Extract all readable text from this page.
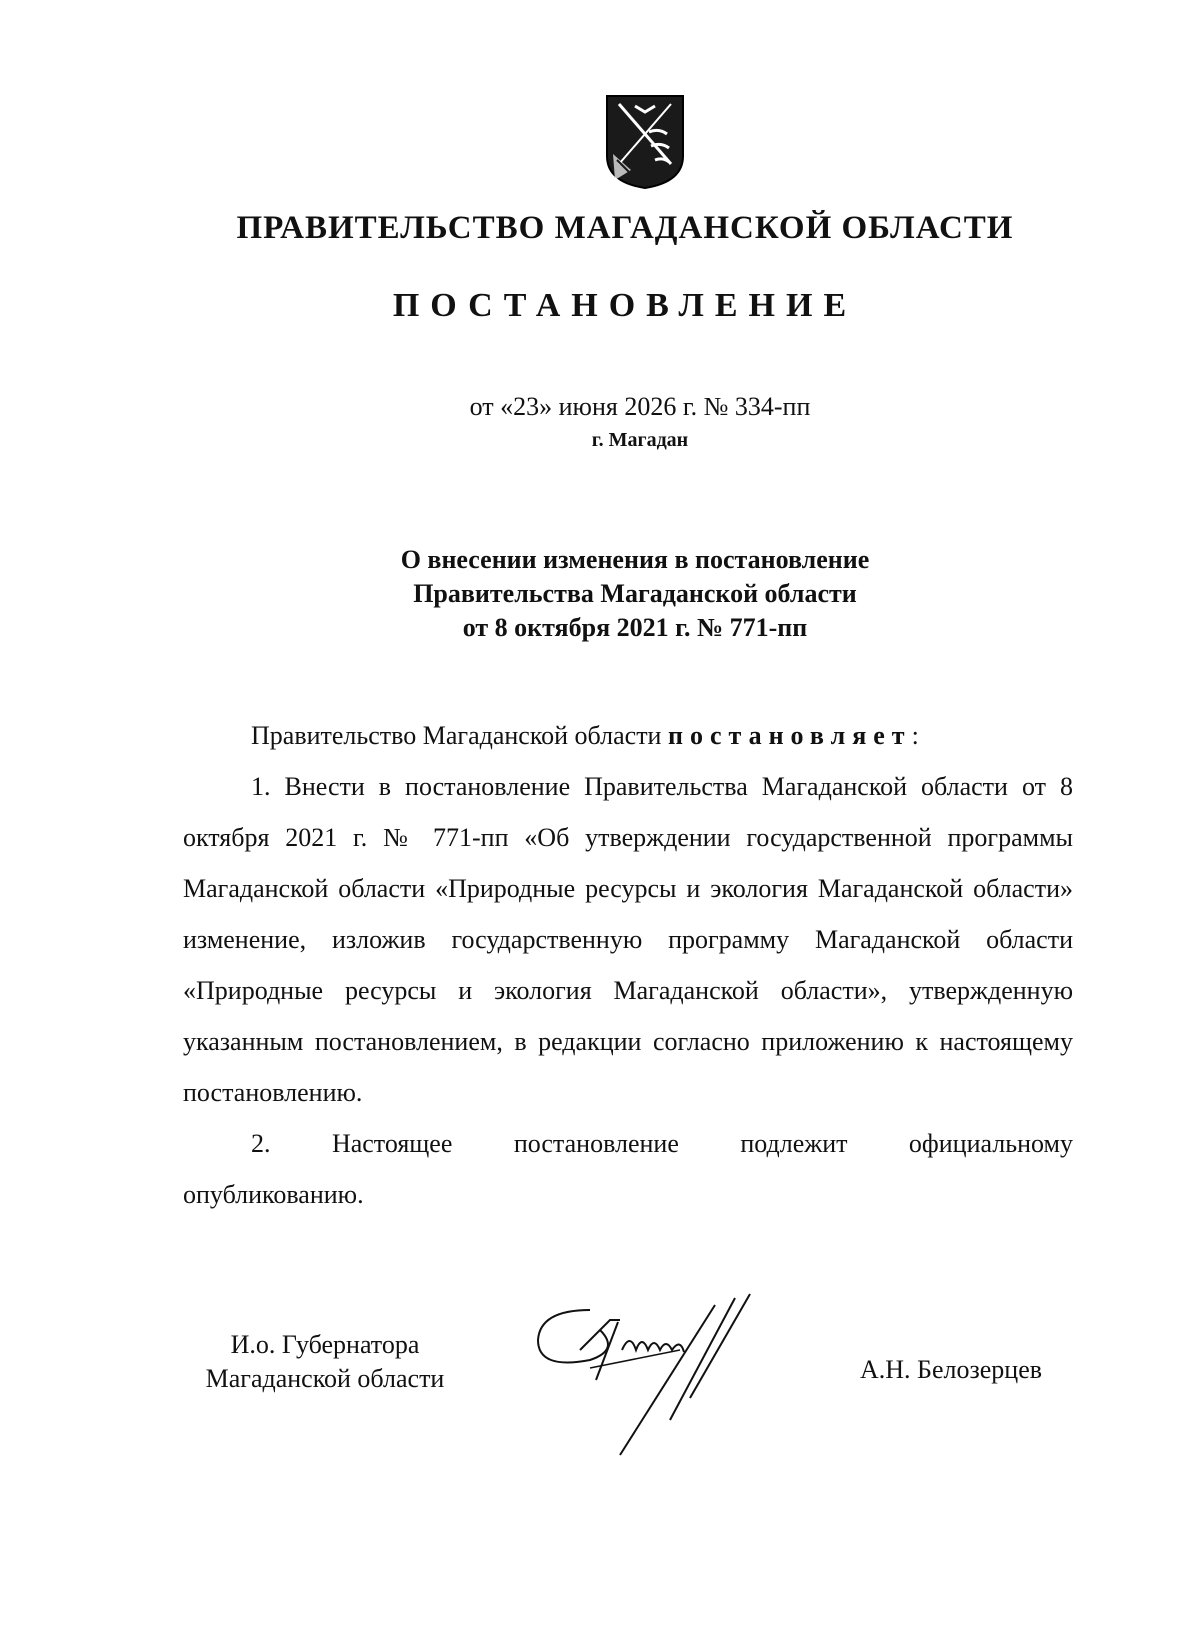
ПРАВИТЕЛЬСТВО МАГАДАНСКОЙ ОБЛАСТИ
ПОСТАНОВЛЕНИЕ
от «23» июня 2026 г. № 334-пп
г. Магадан
О внесении изменения в постановление
Правительства Магаданской области
от 8 октября 2021 г. № 771-пп
Правительство Магаданской области постановляет:
1. Внести в постановление Правительства Магаданской области от 8 октября 2021 г. № 771-пп «Об утверждении государственной программы Магаданской области «Природные ресурсы и экология Магаданской области» изменение, изложив государственную программу Магаданской области «Природные ресурсы и экология Магаданской области», утвержденную указанным постановлением, в редакции согласно приложению к настоящему постановлению.
2. Настоящее постановление подлежит официальному
опубликованию.
И.о. Губернатора
Магаданской области	А.Н. Белозерцев
